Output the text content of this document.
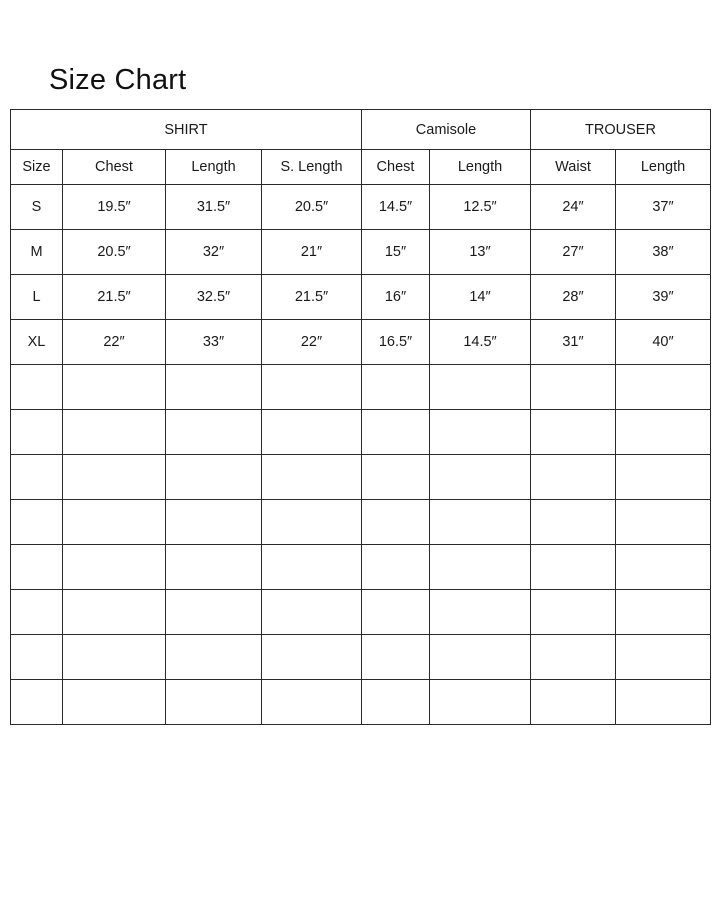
Size Chart
SHIRT				Camisole		TROUSER	
Size	Chest	Length	S. Length	Chest	Length	Waist	Length
S	19.5″	31.5″	20.5″	14.5″	12.5″	24″	37″
M	20.5″	32″	21″	15″	13″	27″	38″
L	21.5″	32.5″	21.5″	16″	14″	28″	39″
XL	22″	33″	22″	16.5″	14.5″	31″	40″
